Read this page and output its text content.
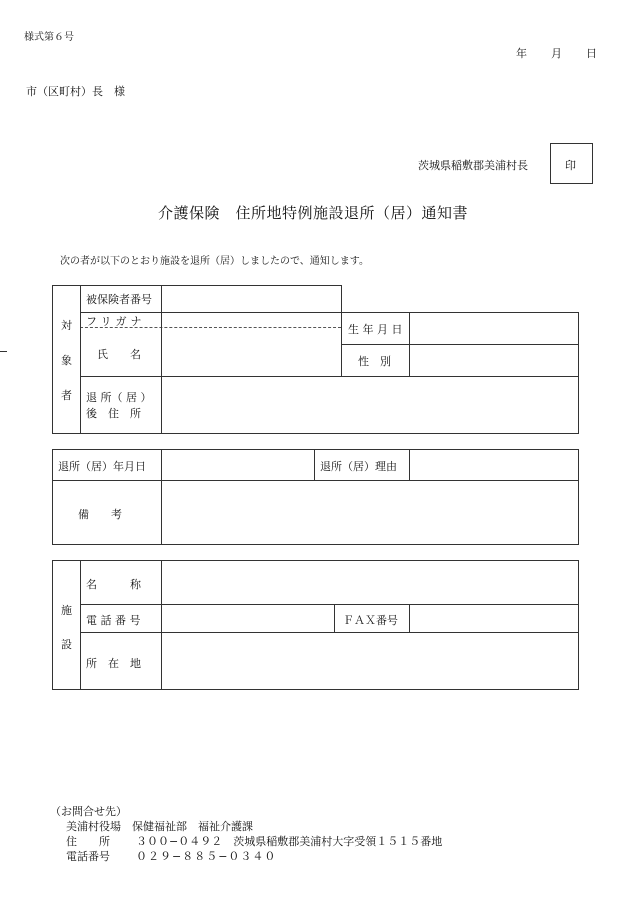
様式第６号
年 月 日
市（区町村）長　様
茨城県稲敷郡美浦村長	印
介護保険　住所地特例施設退所（居）通知書
次の者が以下のとおり施設を退所（居）しましたので、通知します。
対
象
者
被保険者番号
フリガナ
氏　　名
生 年 月 日
性　別
退 所（ 居 ）
後　住　所
退所（居）年月日	退所（居）理由
備　　考
施
設
名　　　称
電 話 番 号	ＦＡＸ番号
所　在　地
（お問合せ先）
美浦村役場　保健福祉部　福祉介護課
住　　所 ３００−０４９２　茨城県稲敷郡美浦村大字受領１５１５番地
電話番号 ０２９−８８５−０３４０
